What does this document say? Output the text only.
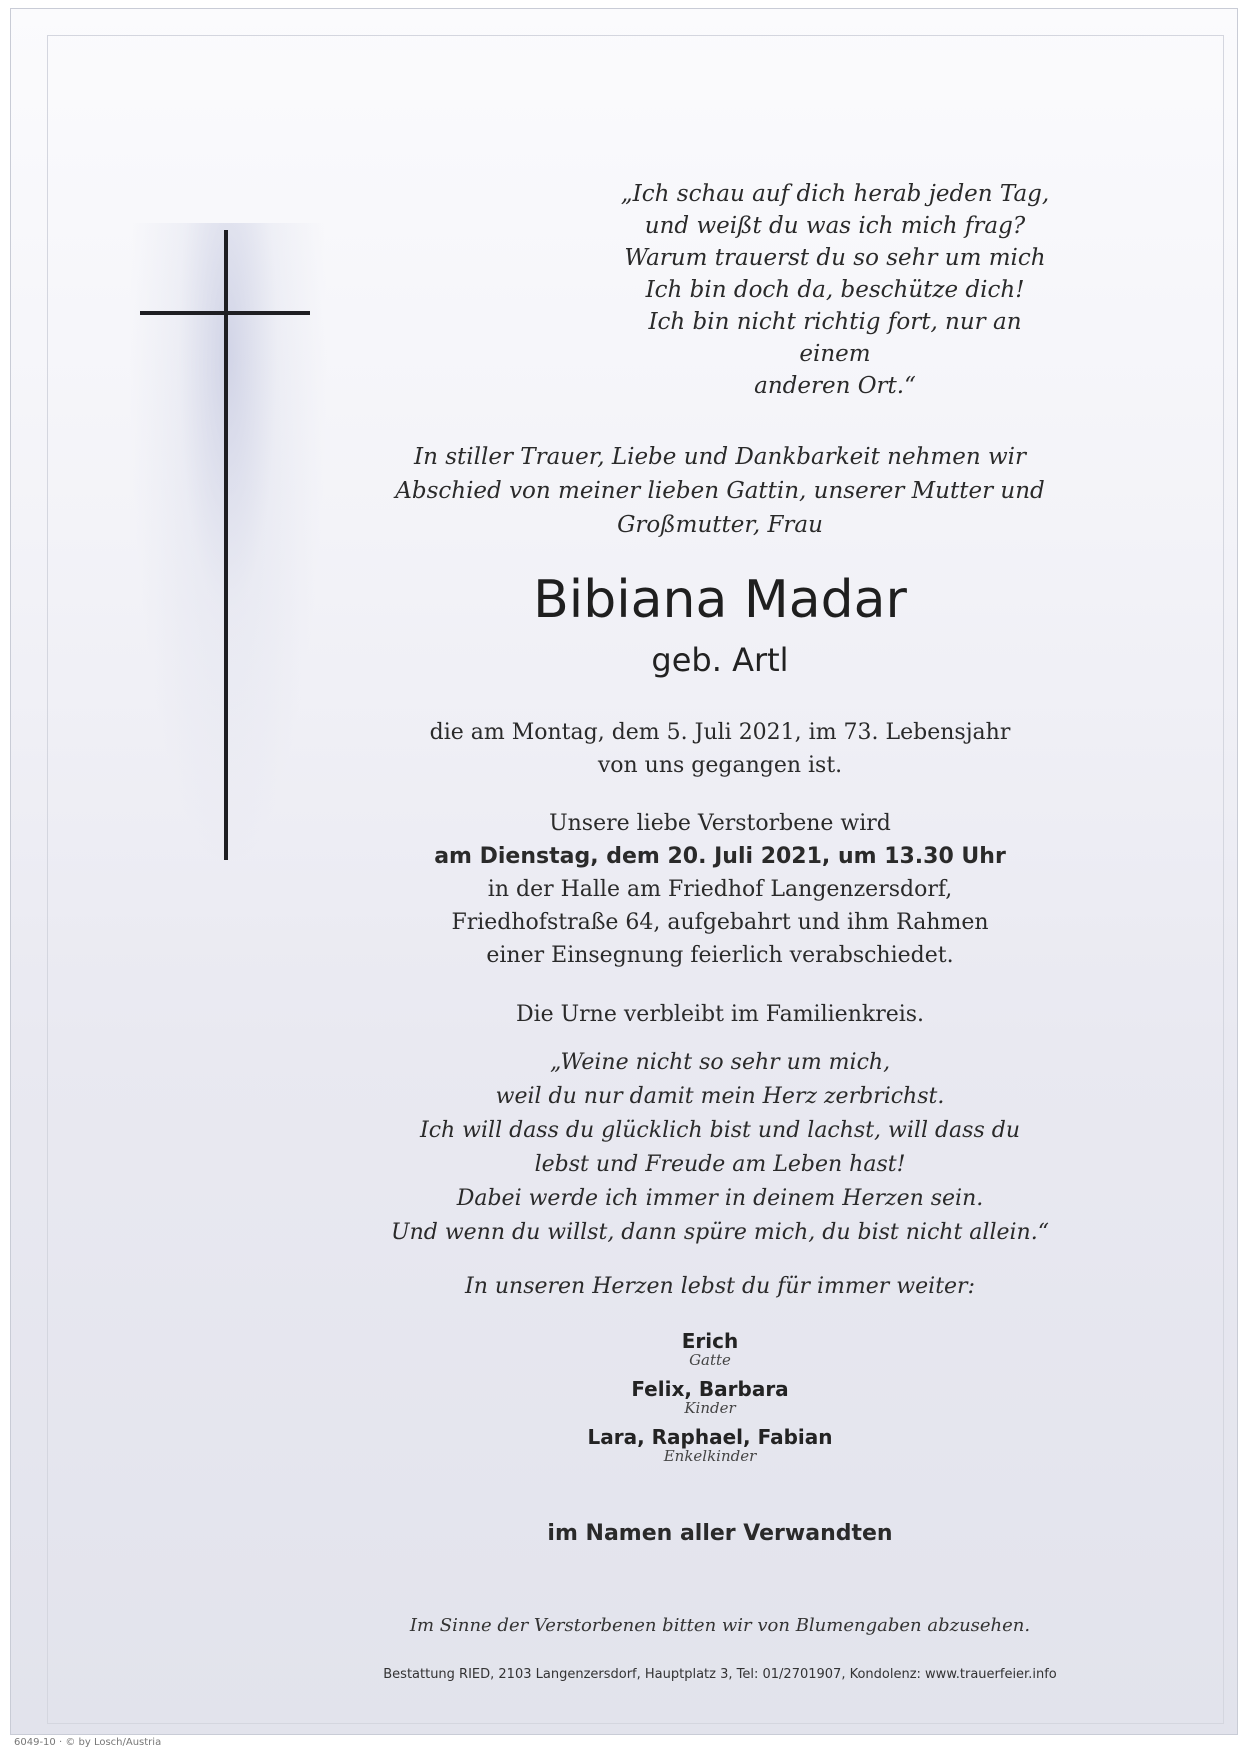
„Ich schau auf dich herab jeden Tag,
und weißt du was ich mich frag?
Warum trauerst du so sehr um mich
Ich bin doch da, beschütze dich!
Ich bin nicht richtig fort, nur an einem
anderen Ort.“
In stiller Trauer, Liebe und Dankbarkeit nehmen wir
Abschied von meiner lieben Gattin, unserer Mutter und
Großmutter, Frau
Bibiana Madar
geb. Artl
die am Montag, dem 5. Juli 2021, im 73. Lebensjahr
von uns gegangen ist.
Unsere liebe Verstorbene wird
am Dienstag, dem 20. Juli 2021, um 13.30 Uhr
in der Halle am Friedhof Langenzersdorf,
Friedhofstraße 64, aufgebahrt und ihm Rahmen
einer Einsegnung feierlich verabschiedet.
Die Urne verbleibt im Familienkreis.
„Weine nicht so sehr um mich,
weil du nur damit mein Herz zerbrichst.
Ich will dass du glücklich bist und lachst, will dass du
lebst und Freude am Leben hast!
Dabei werde ich immer in deinem Herzen sein.
Und wenn du willst, dann spüre mich, du bist nicht allein.“
In unseren Herzen lebst du für immer weiter:
Erich
Gatte
Felix, Barbara
Kinder
Lara, Raphael, Fabian
Enkelkinder
im Namen aller Verwandten
Im Sinne der Verstorbenen bitten wir von Blumengaben abzusehen.
Bestattung RIED, 2103 Langenzersdorf, Hauptplatz 3, Tel: 01/2701907, Kondolenz: www.trauerfeier.info
6049-10 · © by Losch/Austria
